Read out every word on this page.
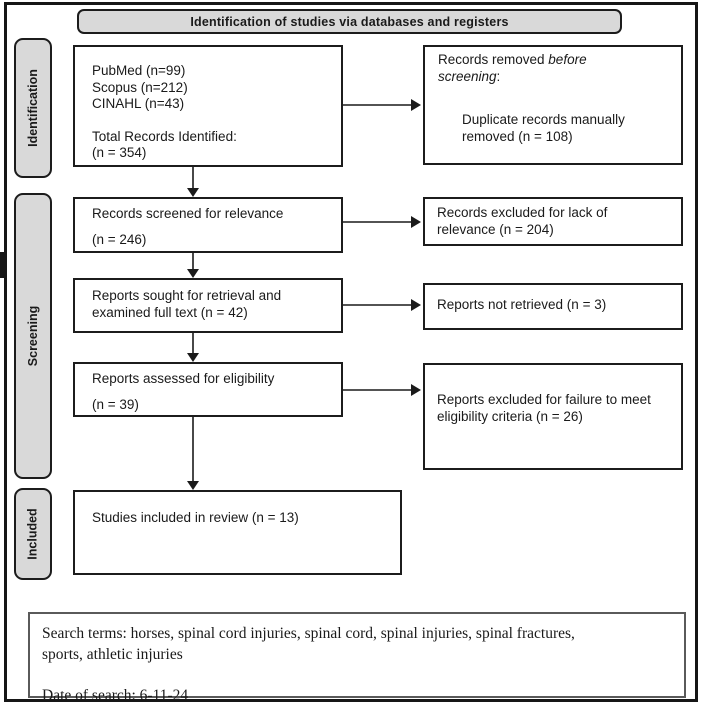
Identification of studies via databases and registers
Identification
Screening
Included
PubMed (n=99)
Scopus (n=212)
CINAHL (n=43)
Total Records Identified:
(n = 354)
Records removed before screening:
Duplicate records manually removed (n = 108)
Records screened for relevance
(n = 246)
Records excluded for lack of relevance (n = 204)
Reports sought for retrieval and examined full text (n = 42)	Reports not retrieved (n = 3)
Reports assessed for eligibility
(n = 39)	Reports excluded for failure to meet eligibility criteria (n = 26)
Studies included in review (n = 13)
Search terms: horses, spinal cord injuries, spinal cord, spinal injuries, spinal fractures, sports, athletic injuries
Date of search: 6-11-24
